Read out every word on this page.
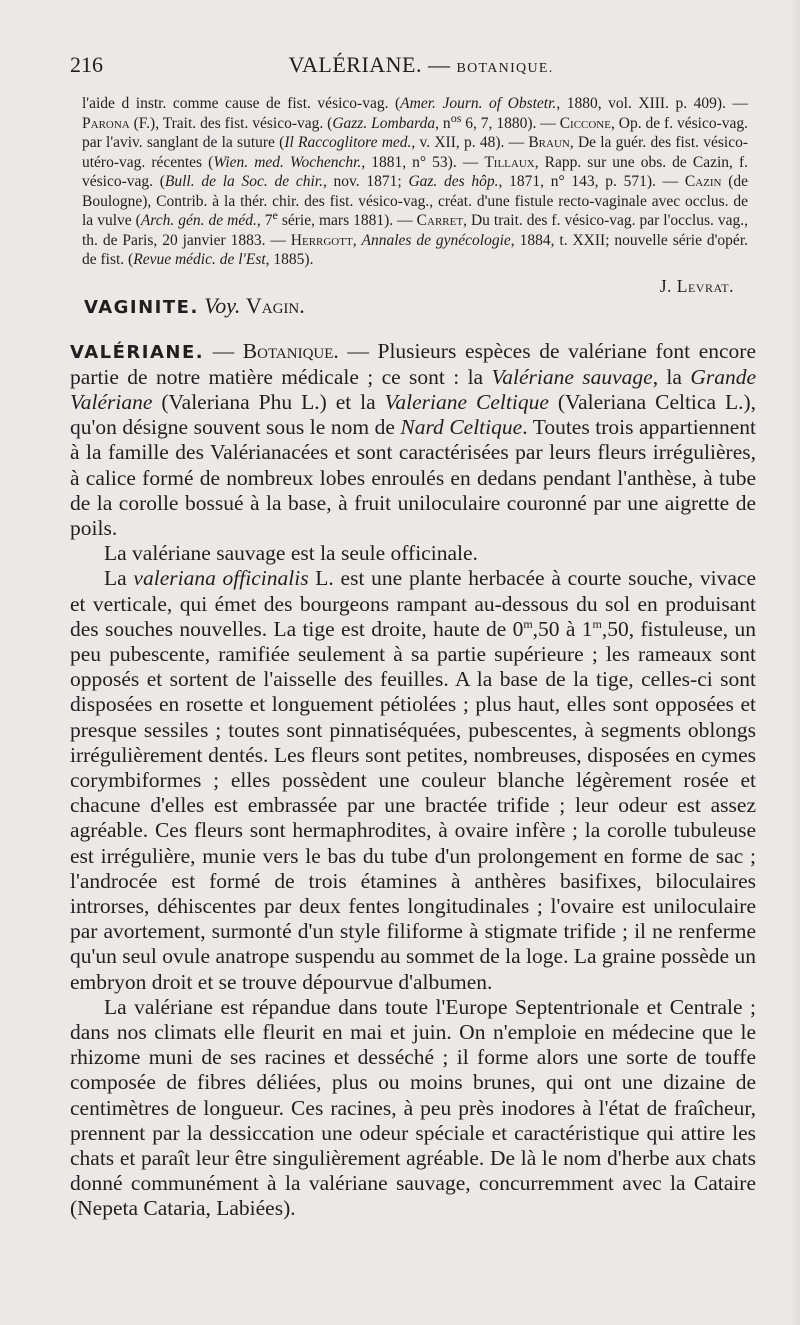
216	VALÉRIANE. — BOTANIQUE.
l'aide d instr. comme cause de fist. vésico-vag. (Amer. Journ. of Obstetr., 1880, vol. XIII. p. 409). — Parona (F.), Trait. des fist. vésico-vag. (Gazz. Lombarda, $n^{os}$ 6, 7, 1880). — Ciccone, Op. de f. vésico-vag. par l'aviv. sanglant de la suture (Il Raccoglitore med., v. XII, p. 48). — Braun, De la guér. des fist. vésico-utéro-vag. récentes (Wien. med. Wochenchr., 1881, n° 53). — Tillaux, Rapp. sur une obs. de Cazin, f. vésico-vag. (Bull. de la Soc. de chir., nov. 1871; Gaz. des hôp., 1871, n° 143, p. 571). — Cazin (de Boulogne), Contrib. à la thér. chir. des fist. vésico-vag., créat. d'une fistule recto-vaginale avec occlus. de la vulve (Arch. gén. de méd., 7e série, mars 1881). — Carret, Du trait. des f. vésico-vag. par l'occlus. vag., th. de Paris, 20 janvier 1883. — Herrgott, Annales de gynécologie, 1884, t. XXII; nouvelle série d'opér. de fist. (Revue médic. de l'Est, 1885).
J. Levrat.
VAGINITE. Voy. Vagin.

VALÉRIANE. — Botanique. — Plusieurs espèces de valériane font encore partie de notre matière médicale ; ce sont : la Valériane sauvage, la Grande Valériane (Valeriana Phu L.) et la Valeriane Celtique (Valeriana Celtica L.), qu'on désigne souvent sous le nom de Nard Celtique. Toutes trois appartiennent à la famille des Valérianacées et sont caractérisées par leurs fleurs irrégulières, à calice formé de nombreux lobes enroulés en dedans pendant l'anthèse, à tube de la corolle bossué à la base, à fruit uniloculaire couronné par une aigrette de poils.

La valériane sauvage est la seule officinale.

La valeriana officinalis L. est une plante herbacée à courte souche, vivace et verticale, qui émet des bourgeons rampant au-dessous du sol en produisant des souches nouvelles. La tige est droite, haute de 0$^m$,50 à 1$^m$,50, fistuleuse, un peu pubescente, ramifiée seulement à sa partie supérieure ; les rameaux sont opposés et sortent de l'aisselle des feuilles. A la base de la tige, celles-ci sont disposées en rosette et longuement pétiolées ; plus haut, elles sont opposées et presque sessiles ; toutes sont pinnatiséquées, pubescentes, à segments oblongs irrégulièrement dentés. Les fleurs sont petites, nombreuses, disposées en cymes corymbiformes ; elles possèdent une couleur blanche légèrement rosée et chacune d'elles est embrassée par une bractée trifide ; leur odeur est assez agréable. Ces fleurs sont hermaphrodites, à ovaire infère ; la corolle tubuleuse est irrégulière, munie vers le bas du tube d'un prolongement en forme de sac ; l'androcée est formé de trois étamines à anthères basifixes, biloculaires introrses, déhiscentes par deux fentes longitudinales ; l'ovaire est uniloculaire par avortement, surmonté d'un style filiforme à stigmate trifide ; il ne renferme qu'un seul ovule anatrope suspendu au sommet de la loge. La graine possède un embryon droit et se trouve dépourvue d'albumen.

La valériane est répandue dans toute l'Europe Septentrionale et Centrale ; dans nos climats elle fleurit en mai et juin. On n'emploie en médecine que le rhizome muni de ses racines et desséché ; il forme alors une sorte de touffe composée de fibres déliées, plus ou moins brunes, qui ont une dizaine de centimètres de longueur. Ces racines, à peu près inodores à l'état de fraîcheur, prennent par la dessiccation une odeur spéciale et caractéristique qui attire les chats et paraît leur être singulièrement agréable. De là le nom d'herbe aux chats donné communément à la valériane sauvage, concurremment avec la Cataire (Nepeta Cataria, Labiées).
